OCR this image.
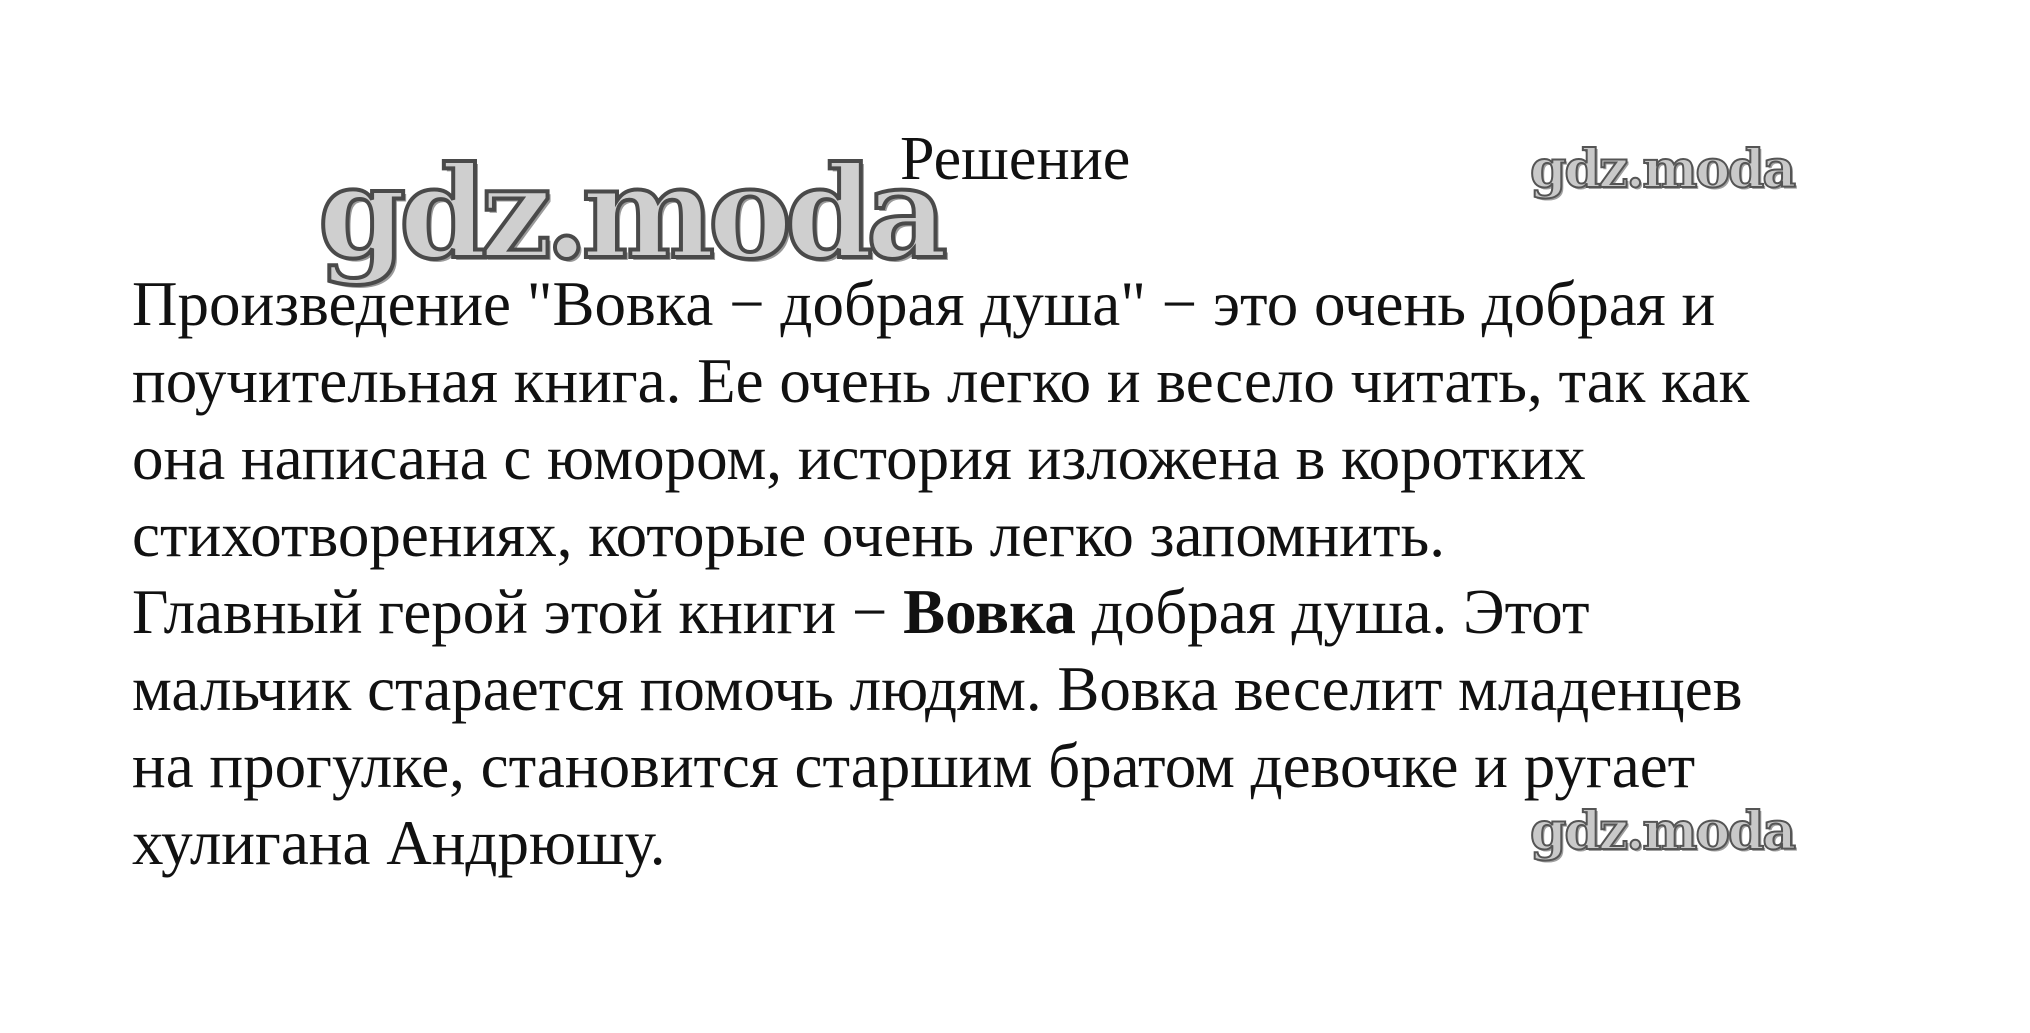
gdz.moda	gdz.moda
gdz.moda
Решение
Произведение "Вовка − добрая душа" − это очень добрая и
поучительная книга. Ее очень легко и весело читать, так как
она написана с юмором, история изложена в коротких
стихотворениях, которые очень легко запомнить.
Главный герой этой книги − Вовка добрая душа. Этот
мальчик старается помочь людям. Вовка веселит младенцев
на прогулке, становится старшим братом девочке и ругает
хулигана Андрюшу.
